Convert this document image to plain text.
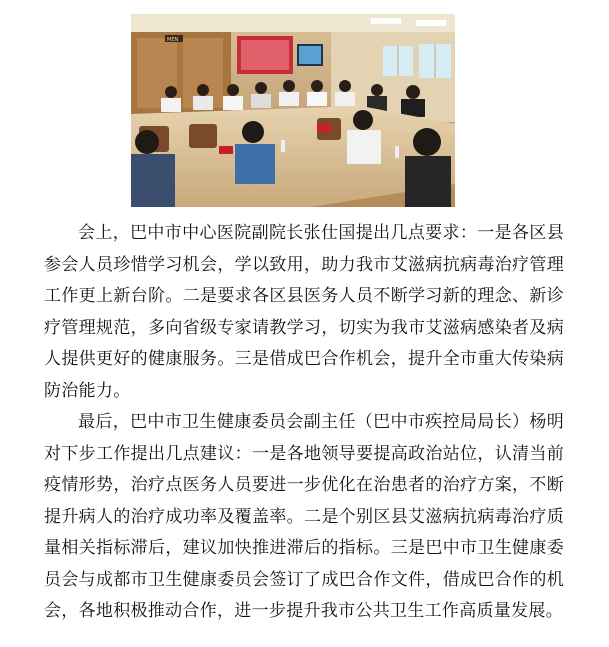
MEN

会上，巴中市中心医院副院长张仕国提出几点要求：一是各区县参会人员珍惜学习机会，学以致用，助力我市艾滋病抗病毒治疗管理工作更上新台阶。二是要求各区县医务人员不断学习新的理念、新诊疗管理规范，多向省级专家请教学习，切实为我市艾滋病感染者及病人提供更好的健康服务。三是借成巴合作机会，提升全市重大传染病防治能力。

最后，巴中市卫生健康委员会副主任（巴中市疾控局局长）杨明对下步工作提出几点建议：一是各地领导要提高政治站位，认清当前疫情形势，治疗点医务人员要进一步优化在治患者的治疗方案，不断提升病人的治疗成功率及覆盖率。二是个别区县艾滋病抗病毒治疗质量相关指标滞后，建议加快推进滞后的指标。三是巴中市卫生健康委员会与成都市卫生健康委员会签订了成巴合作文件，借成巴合作的机会，各地积极推动合作，进一步提升我市公共卫生工作高质量发展。
